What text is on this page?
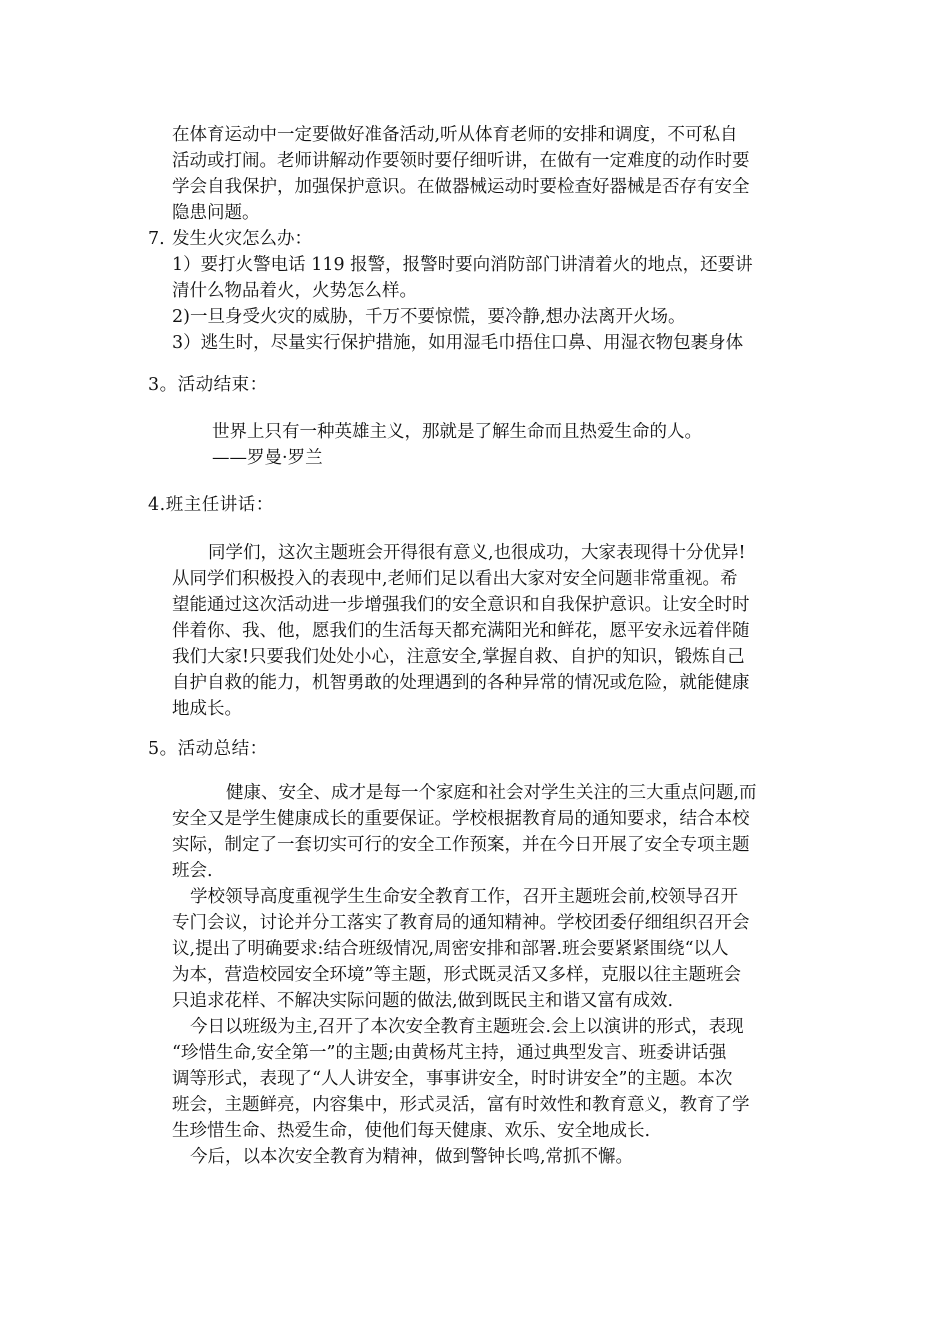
在体育运动中一定要做好准备活动,听从体育老师的安排和调度，不可私自
活动或打闹。老师讲解动作要领时要仔细听讲，在做有一定难度的动作时要
学会自我保护，加强保护意识。在做器械运动时要检查好器械是否存有安全
隐患问题。
7. 发生火灾怎么办：
1）要打火警电话 119 报警，报警时要向消防部门讲清着火的地点，还要讲
清什么物品着火，火势怎么样。
2)一旦身受火灾的威胁，千万不要惊慌，要冷静,想办法离开火场。
3）逃生时，尽量实行保护措施，如用湿毛巾捂住口鼻、用湿衣物包裹身体
3。活动结束：
世界上只有一种英雄主义，那就是了解生命而且热爱生命的人。
——罗曼·罗兰
4.班主任讲话：
同学们，这次主题班会开得很有意义,也很成功，大家表现得十分优异!
从同学们积极投入的表现中,老师们足以看出大家对安全问题非常重视。希
望能通过这次活动进一步增强我们的安全意识和自我保护意识。让安全时时
伴着你、我、他，愿我们的生活每天都充满阳光和鲜花，愿平安永远着伴随
我们大家!只要我们处处小心，注意安全,掌握自救、自护的知识，锻炼自己
自护自救的能力，机智勇敢的处理遇到的各种异常的情况或危险，就能健康
地成长。
5。活动总结：
健康、安全、成才是每一个家庭和社会对学生关注的三大重点问题,而
安全又是学生健康成长的重要保证。学校根据教育局的通知要求，结合本校
实际，制定了一套切实可行的安全工作预案，并在今日开展了安全专项主题
班会.
学校领导高度重视学生生命安全教育工作，召开主题班会前,校领导召开
专门会议，讨论并分工落实了教育局的通知精神。学校团委仔细组织召开会
议,提出了明确要求:结合班级情况,周密安排和部署.班会要紧紧围绕“以人
为本，营造校园安全环境”等主题，形式既灵活又多样，克服以往主题班会
只追求花样、不解决实际问题的做法,做到既民主和谐又富有成效.
今日以班级为主,召开了本次安全教育主题班会.会上以演讲的形式，表现
“珍惜生命,安全第一”的主题;由黄杨芃主持，通过典型发言、班委讲话强
调等形式，表现了“人人讲安全，事事讲安全，时时讲安全”的主题。本次
班会，主题鲜亮，内容集中，形式灵活，富有时效性和教育意义，教育了学
生珍惜生命、热爱生命，使他们每天健康、欢乐、安全地成长.
今后，以本次安全教育为精神，做到警钟长鸣,常抓不懈。
